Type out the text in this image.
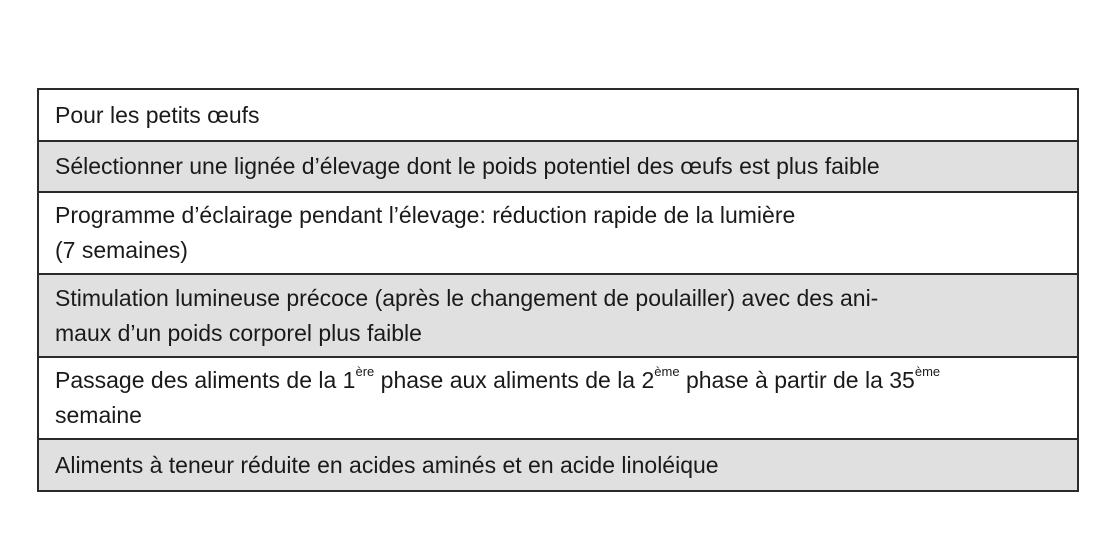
Pour les petits œufs
Sélectionner une lignée d’élevage dont le poids potentiel des œufs est plus faible
Programme d’éclairage pendant l’élevage: réduction rapide de la lumière
(7 semaines)
Stimulation lumineuse précoce (après le changement de poulailler) avec des ani-
maux d’un poids corporel plus faible
Passage des aliments de la 1ère phase aux aliments de la 2ème phase à partir de la 35ème
semaine
Aliments à teneur réduite en acides aminés et en acide linoléique
